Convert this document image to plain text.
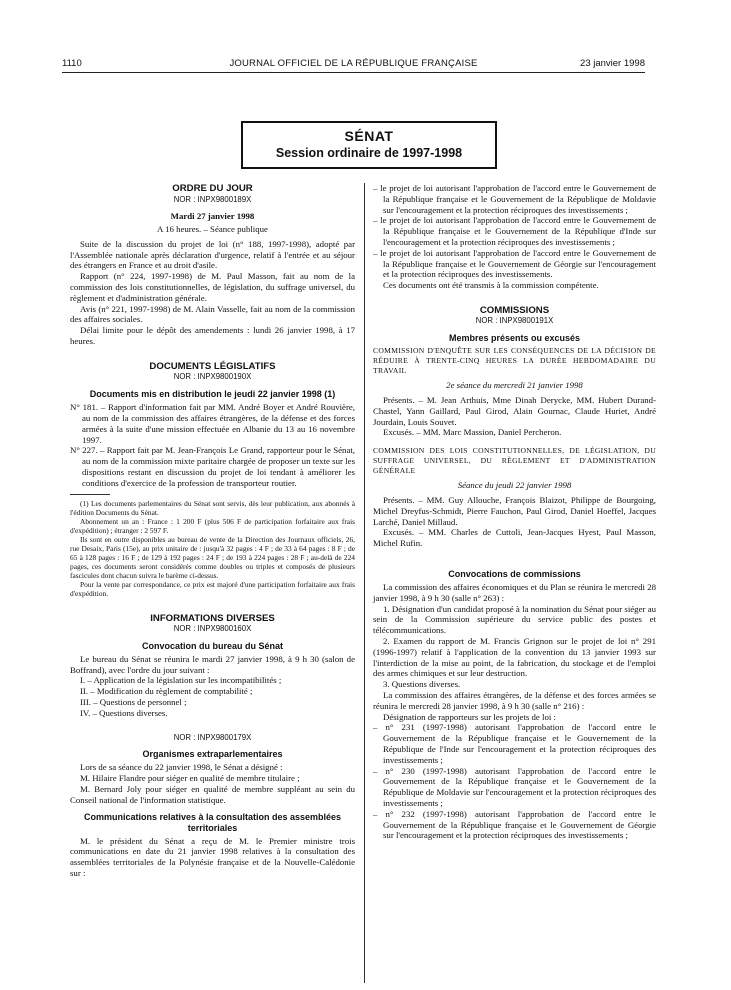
1110	JOURNAL OFFICIEL DE LA RÉPUBLIQUE FRANÇAISE	23 janvier 1998
SÉNAT
Session ordinaire de 1997-1998
ORDRE DU JOUR
NOR : INPX9800189X
Mardi 27 janvier 1998
A 16 heures. – Séance publique

Suite de la discussion du projet de loi (n° 188, 1997-1998), adopté par l'Assemblée nationale après déclaration d'urgence, relatif à l'entrée et au séjour des étrangers en France et au droit d'asile.

Rapport (n° 224, 1997-1998) de M. Paul Masson, fait au nom de la commission des lois constitutionnelles, de législation, du suffrage universel, du règlement et d'administration générale.

Avis (n° 221, 1997-1998) de M. Alain Vasselle, fait au nom de la commission des affaires sociales.

Délai limite pour le dépôt des amendements : lundi 26 janvier 1998, à 17 heures.

DOCUMENTS LÉGISLATIFS
NOR : INPX9800190X
Documents mis en distribution le jeudi 22 janvier 1998 (1)

N° 181. – Rapport d'information fait par MM. André Boyer et André Rouvière, au nom de la commission des affaires étrangères, de la défense et des forces armées à la suite d'une mission effectuée en Albanie du 13 au 16 novembre 1997.

N° 227. – Rapport fait par M. Jean-François Le Grand, rapporteur pour le Sénat, au nom de la commission mixte paritaire chargée de proposer un texte sur les dispositions restant en discussion du projet de loi tendant à améliorer les conditions d'exercice de la profession de transporteur routier.

(1) Les documents parlementaires du Sénat sont servis, dès leur publication, aux abonnés à l'édition Documents du Sénat.

Abonnement un an : France : 1 200 F (plus 506 F de participation forfaitaire aux frais d'expédition) ; étranger : 2 597 F.

Ils sont en outre disponibles au bureau de vente de la Direction des Journaux officiels, 26, rue Desaix, Paris (15e), au prix unitaire de : jusqu'à 32 pages : 4 F ; de 33 à 64 pages : 8 F ; de 65 à 128 pages : 16 F ; de 129 à 192 pages : 24 F ; de 193 à 224 pages : 28 F ; au-delà de 224 pages, ces documents seront considérés comme doubles ou triples et composés de plusieurs fascicules dont chacun suivra le barème ci-dessus.

Pour la vente par correspondance, ce prix est majoré d'une participation forfaitaire aux frais d'expédition.

INFORMATIONS DIVERSES
NOR : INPX9800160X
Convocation du bureau du Sénat

Le bureau du Sénat se réunira le mardi 27 janvier 1998, à 9 h 30 (salon de Boffrand), avec l'ordre du jour suivant :

I. – Application de la législation sur les incompatibilités ;

II. – Modification du règlement de comptabilité ;

III. – Questions de personnel ;

IV. – Questions diverses.

NOR : INPX9800179X
Organismes extraparlementaires

Lors de sa séance du 22 janvier 1998, le Sénat a désigné :

M. Hilaire Flandre pour siéger en qualité de membre titulaire ;

M. Bernard Joly pour siéger en qualité de membre suppléant au sein du Conseil national de l'information statistique.

Communications relatives à la consultation des assemblées territoriales

M. le président du Sénat a reçu de M. le Premier ministre trois communications en date du 21 janvier 1998 relatives à la consultation des assemblées territoriales de la Polynésie française et de la Nouvelle-Calédonie sur :

– le projet de loi autorisant l'approbation de l'accord entre le Gouvernement de la République française et le Gouvernement de la République de Moldavie sur l'encouragement et la protection réciproques des investissements ;

– le projet de loi autorisant l'approbation de l'accord entre le Gouvernement de la République française et le Gouvernement de la République d'Inde sur l'encouragement et la protection réciproques des investissements ;

– le projet de loi autorisant l'approbation de l'accord entre le Gouvernement de la République française et le Gouvernement de Géorgie sur l'encouragement et la protection réciproques des investissements.

Ces documents ont été transmis à la commission compétente.

COMMISSIONS
NOR : INPX9800191X
Membres présents ou excusés

COMMISSION D'ENQUÊTE SUR LES CONSÉQUENCES DE LA DÉCISION DE RÉDUIRE À TRENTE-CINQ HEURES LA DURÉE HEBDOMADAIRE DU TRAVAIL

2e séance du mercredi 21 janvier 1998

Présents. – M. Jean Arthuis, Mme Dinah Derycke, MM. Hubert Durand-Chastel, Yann Gaillard, Paul Girod, Alain Gournac, Claude Huriet, André Jourdain, Louis Souvet.

Excusés. – MM. Marc Massion, Daniel Percheron.

COMMISSION DES LOIS CONSTITUTIONNELLES, DE LÉGISLATION, DU SUFFRAGE UNIVERSEL, DU RÈGLEMENT ET D'ADMINISTRATION GÉNÉRALE

Séance du jeudi 22 janvier 1998

Présents. – MM. Guy Allouche, François Blaizot, Philippe de Bourgoing, Michel Dreyfus-Schmidt, Pierre Fauchon, Paul Girod, Daniel Hoeffel, Jacques Larché, Daniel Millaud.

Excusés. – MM. Charles de Cuttoli, Jean-Jacques Hyest, Paul Masson, Michel Rufin.

Convocations de commissions

La commission des affaires économiques et du Plan se réunira le mercredi 28 janvier 1998, à 9 h 30 (salle n° 263) :

1. Désignation d'un candidat proposé à la nomination du Sénat pour siéger au sein de la Commission supérieure du service public des postes et télécommunications.

2. Examen du rapport de M. Francis Grignon sur le projet de loi n° 291 (1996-1997) relatif à l'application de la convention du 13 janvier 1993 sur l'interdiction de la mise au point, de la fabrication, du stockage et de l'emploi des armes chimiques et sur leur destruction.

3. Questions diverses.

La commission des affaires étrangères, de la défense et des forces armées se réunira le mercredi 28 janvier 1998, à 9 h 30 (salle n° 216) :

Désignation de rapporteurs sur les projets de loi :

– n° 231 (1997-1998) autorisant l'approbation de l'accord entre le Gouvernement de la République française et le Gouvernement de la République de l'Inde sur l'encouragement et la protection réciproques des investissements ;

– n° 230 (1997-1998) autorisant l'approbation de l'accord entre le Gouvernement de la République française et le Gouvernement de la République de Moldavie sur l'encouragement et la protection réciproques des investissements ;

– n° 232 (1997-1998) autorisant l'approbation de l'accord entre le Gouvernement de la République française et le Gouvernement de Géorgie sur l'encouragement et la protection réciproques des investissements ;
